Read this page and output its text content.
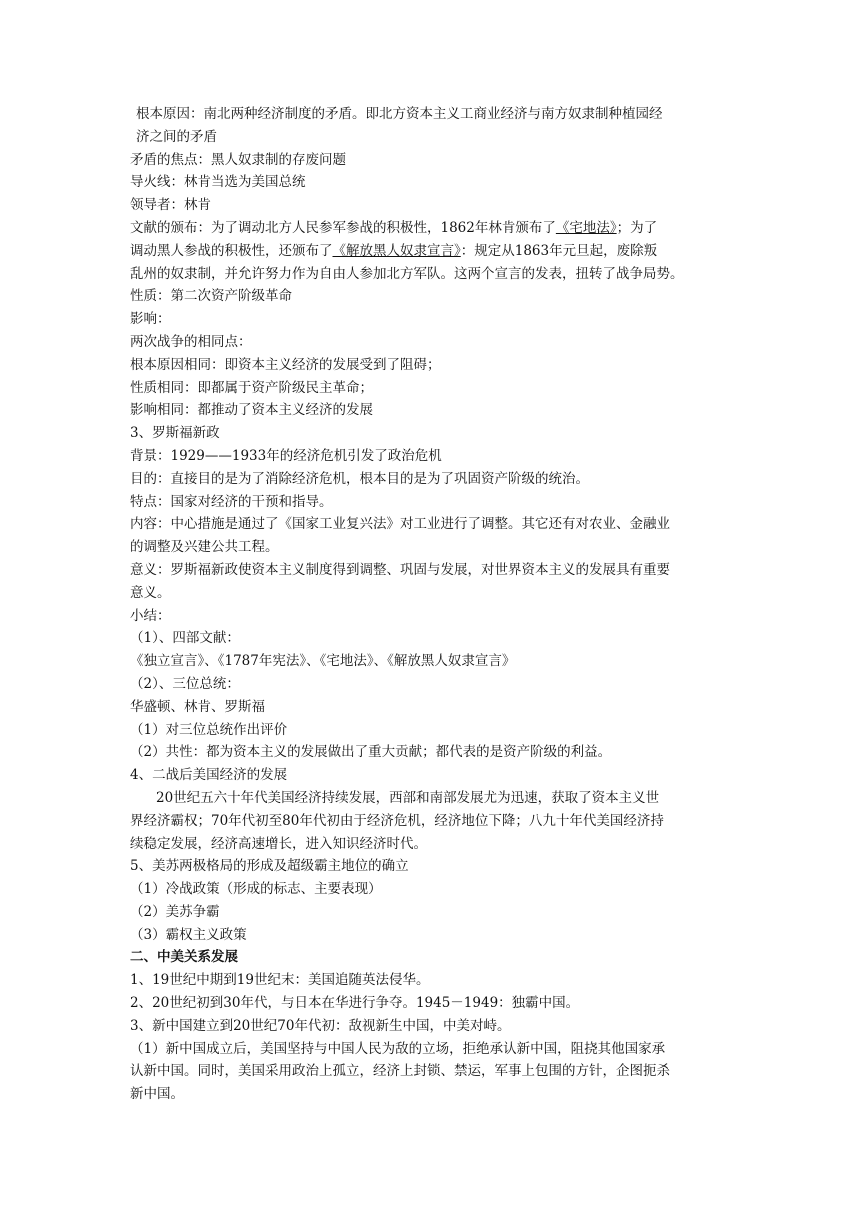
根本原因：南北两种经济制度的矛盾。即北方资本主义工商业经济与南方奴隶制种植园经
济之间的矛盾
矛盾的焦点：黑人奴隶制的存废问题
导火线：林肯当选为美国总统
领导者：林肯
文献的颁布：为了调动北方人民参军参战的积极性，1862年林肯颁布了《宅地法》；为了
调动黑人参战的积极性，还颁布了《解放黑人奴隶宣言》：规定从1863年元旦起，废除叛
乱州的奴隶制，并允许努力作为自由人参加北方军队。这两个宣言的发表，扭转了战争局势。
性质：第二次资产阶级革命
影响：
两次战争的相同点：
根本原因相同：即资本主义经济的发展受到了阻碍；
性质相同：即都属于资产阶级民主革命；
影响相同：都推动了资本主义经济的发展
3、罗斯福新政
背景：1929——1933年的经济危机引发了政治危机
目的：直接目的是为了消除经济危机，根本目的是为了巩固资产阶级的统治。
特点：国家对经济的干预和指导。
内容：中心措施是通过了《国家工业复兴法》对工业进行了调整。其它还有对农业、金融业
的调整及兴建公共工程。
意义：罗斯福新政使资本主义制度得到调整、巩固与发展，对世界资本主义的发展具有重要
意义。
小结：
（1）、四部文献：
《独立宣言》、《1787年宪法》、《宅地法》、《解放黑人奴隶宣言》
（2）、三位总统：
华盛顿、林肯、罗斯福
（1）对三位总统作出评价
（2）共性：都为资本主义的发展做出了重大贡献；都代表的是资产阶级的利益。
4、二战后美国经济的发展
20世纪五六十年代美国经济持续发展，西部和南部发展尤为迅速，获取了资本主义世
界经济霸权；70年代初至80年代初由于经济危机，经济地位下降；八九十年代美国经济持
续稳定发展，经济高速增长，进入知识经济时代。
5、美苏两极格局的形成及超级霸主地位的确立
（1）冷战政策（形成的标志、主要表现）
（2）美苏争霸
（3）霸权主义政策
二、中美关系发展
1、19世纪中期到19世纪末：美国追随英法侵华。
2、20世纪初到30年代，与日本在华进行争夺。1945－1949：独霸中国。
3、新中国建立到20世纪70年代初：敌视新生中国，中美对峙。
（1）新中国成立后，美国坚持与中国人民为敌的立场，拒绝承认新中国，阻挠其他国家承
认新中国。同时，美国采用政治上孤立，经济上封锁、禁运，军事上包围的方针，企图扼杀
新中国。
